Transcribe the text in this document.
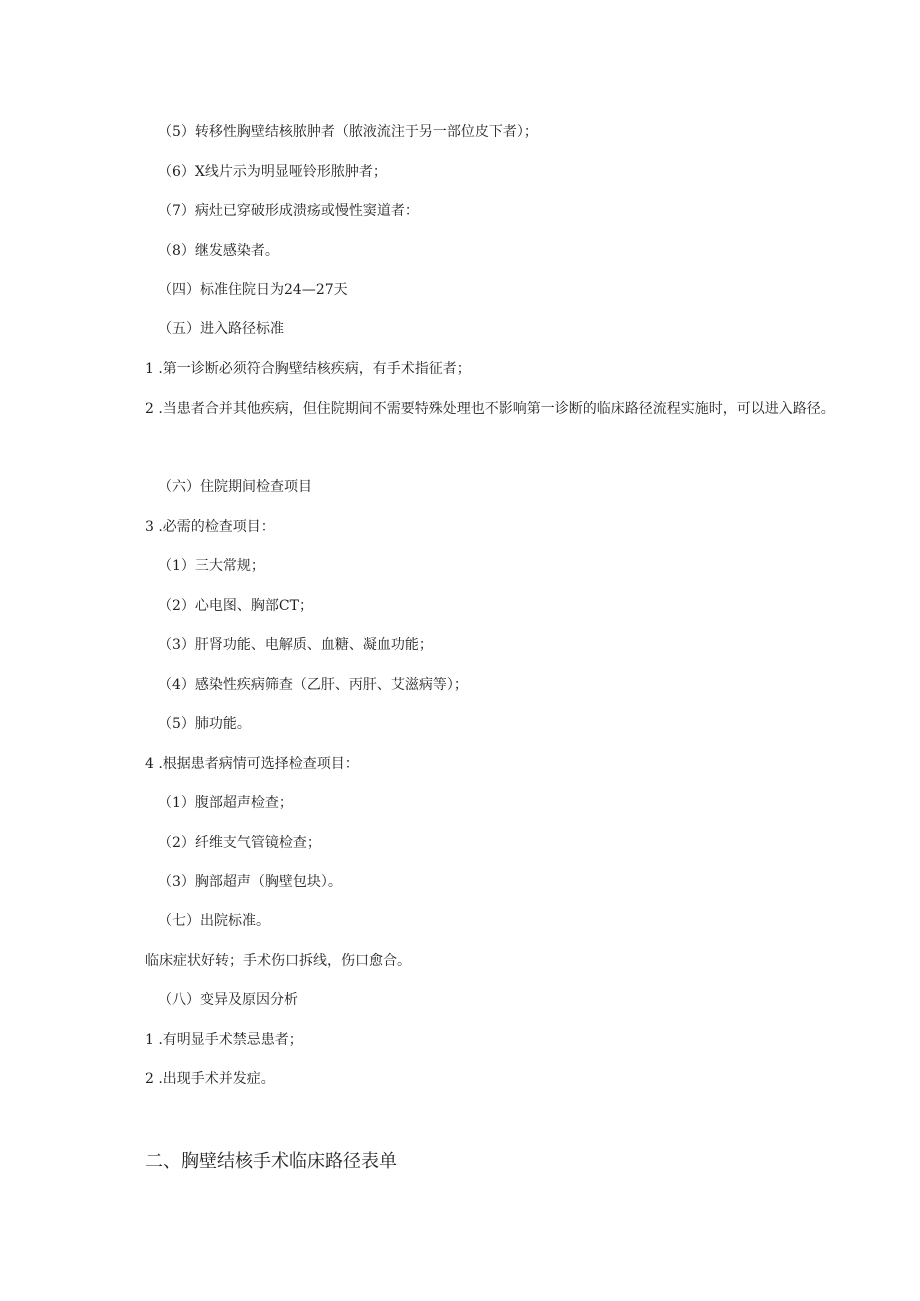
（5）转移性胸壁结核脓肿者（脓液流注于另一部位皮下者）；
（6）X线片示为明显哑铃形脓肿者；
（7）病灶已穿破形成溃疡或慢性窦道者：
（8）继发感染者。
（四）标准住院日为24—27天
（五）进入路径标准
1 .第一诊断必须符合胸壁结核疾病，有手术指征者；
2 .当患者合并其他疾病，但住院期间不需要特殊处理也不影响第一诊断的临床路径流程实施时，可以进入路径。
（六）住院期间检查项目
3 .必需的检查项目：
（1）三大常规；
（2）心电图、胸部CT；
（3）肝肾功能、电解质、血糖、凝血功能；
（4）感染性疾病筛查（乙肝、丙肝、艾滋病等）；
（5）肺功能。
4 .根据患者病情可选择检查项目：
（1）腹部超声检查；
（2）纤维支气管镜检查；
（3）胸部超声（胸壁包块）。
（七）出院标准。
临床症状好转；手术伤口拆线，伤口愈合。
（八）变异及原因分析
1 .有明显手术禁忌患者；
2 .出现手术并发症。
二、胸壁结核手术临床路径表单
